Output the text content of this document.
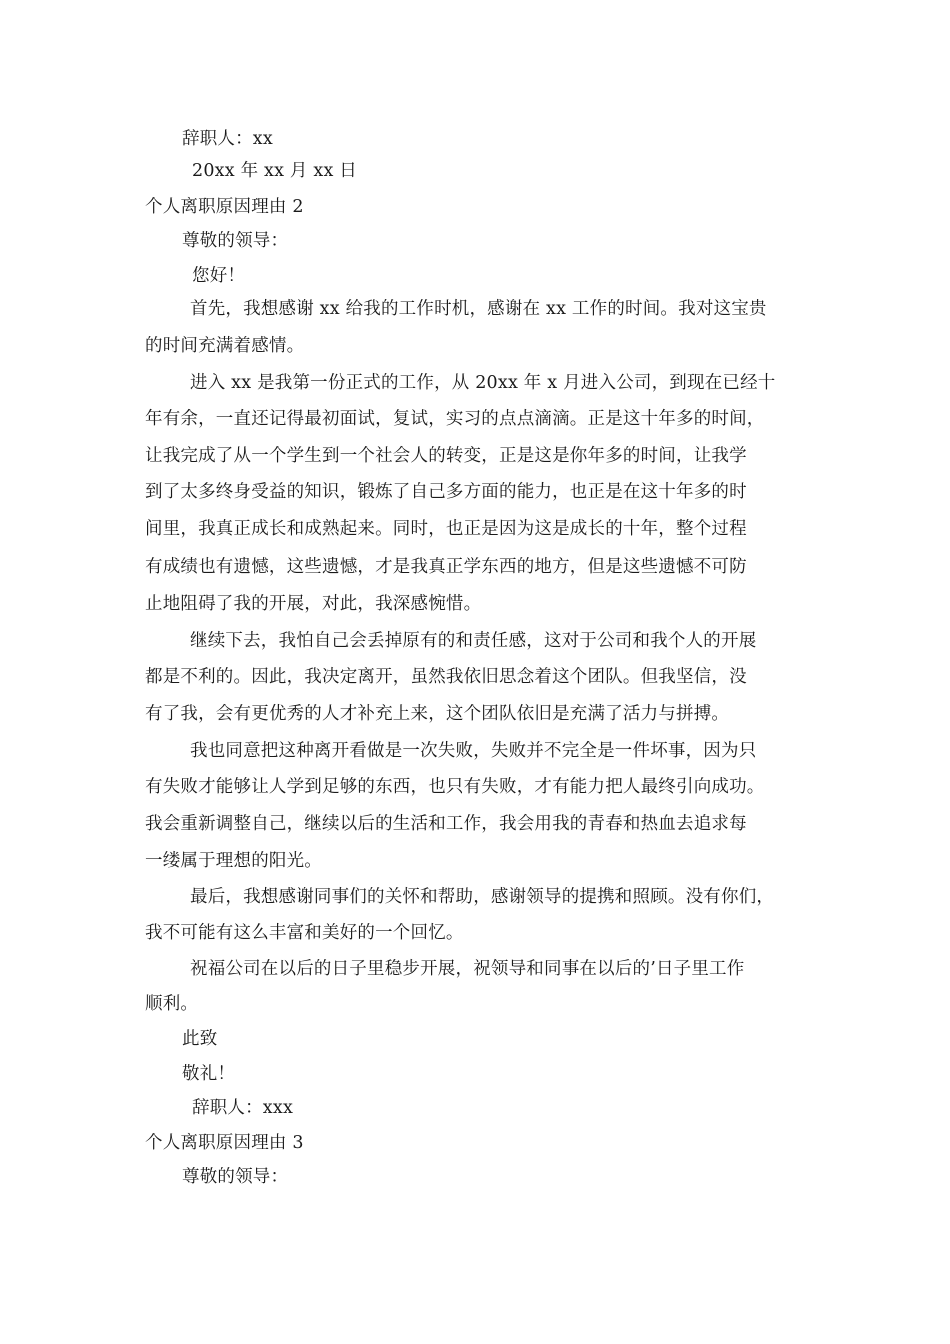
辞职人：xx
20xx 年 xx 月 xx 日
个人离职原因理由 2
尊敬的领导：
您好！
首先，我想感谢 xx 给我的工作时机，感谢在 xx 工作的时间。我对这宝贵
的时间充满着感情。
进入 xx 是我第一份正式的工作，从 20xx 年 x 月进入公司，到现在已经十
年有余，一直还记得最初面试，复试，实习的点点滴滴。正是这十年多的时间，
让我完成了从一个学生到一个社会人的转变，正是这是你年多的时间，让我学
到了太多终身受益的知识，锻炼了自己多方面的能力，也正是在这十年多的时
间里，我真正成长和成熟起来。同时，也正是因为这是成长的十年，整个过程
有成绩也有遗憾，这些遗憾，才是我真正学东西的地方，但是这些遗憾不可防
止地阻碍了我的开展，对此，我深感惋惜。
继续下去，我怕自己会丢掉原有的和责任感，这对于公司和我个人的开展
都是不利的。因此，我决定离开，虽然我依旧思念着这个团队。但我坚信，没
有了我，会有更优秀的人才补充上来，这个团队依旧是充满了活力与拼搏。
我也同意把这种离开看做是一次失败，失败并不完全是一件坏事，因为只
有失败才能够让人学到足够的东西，也只有失败，才有能力把人最终引向成功。
我会重新调整自己，继续以后的生活和工作，我会用我的青春和热血去追求每
一缕属于理想的阳光。
最后，我想感谢同事们的关怀和帮助，感谢领导的提携和照顾。没有你们，
我不可能有这么丰富和美好的一个回忆。
祝福公司在以后的日子里稳步开展，祝领导和同事在以后的’日子里工作
顺利。
此致
敬礼！
辞职人：xxx
个人离职原因理由 3
尊敬的领导：
